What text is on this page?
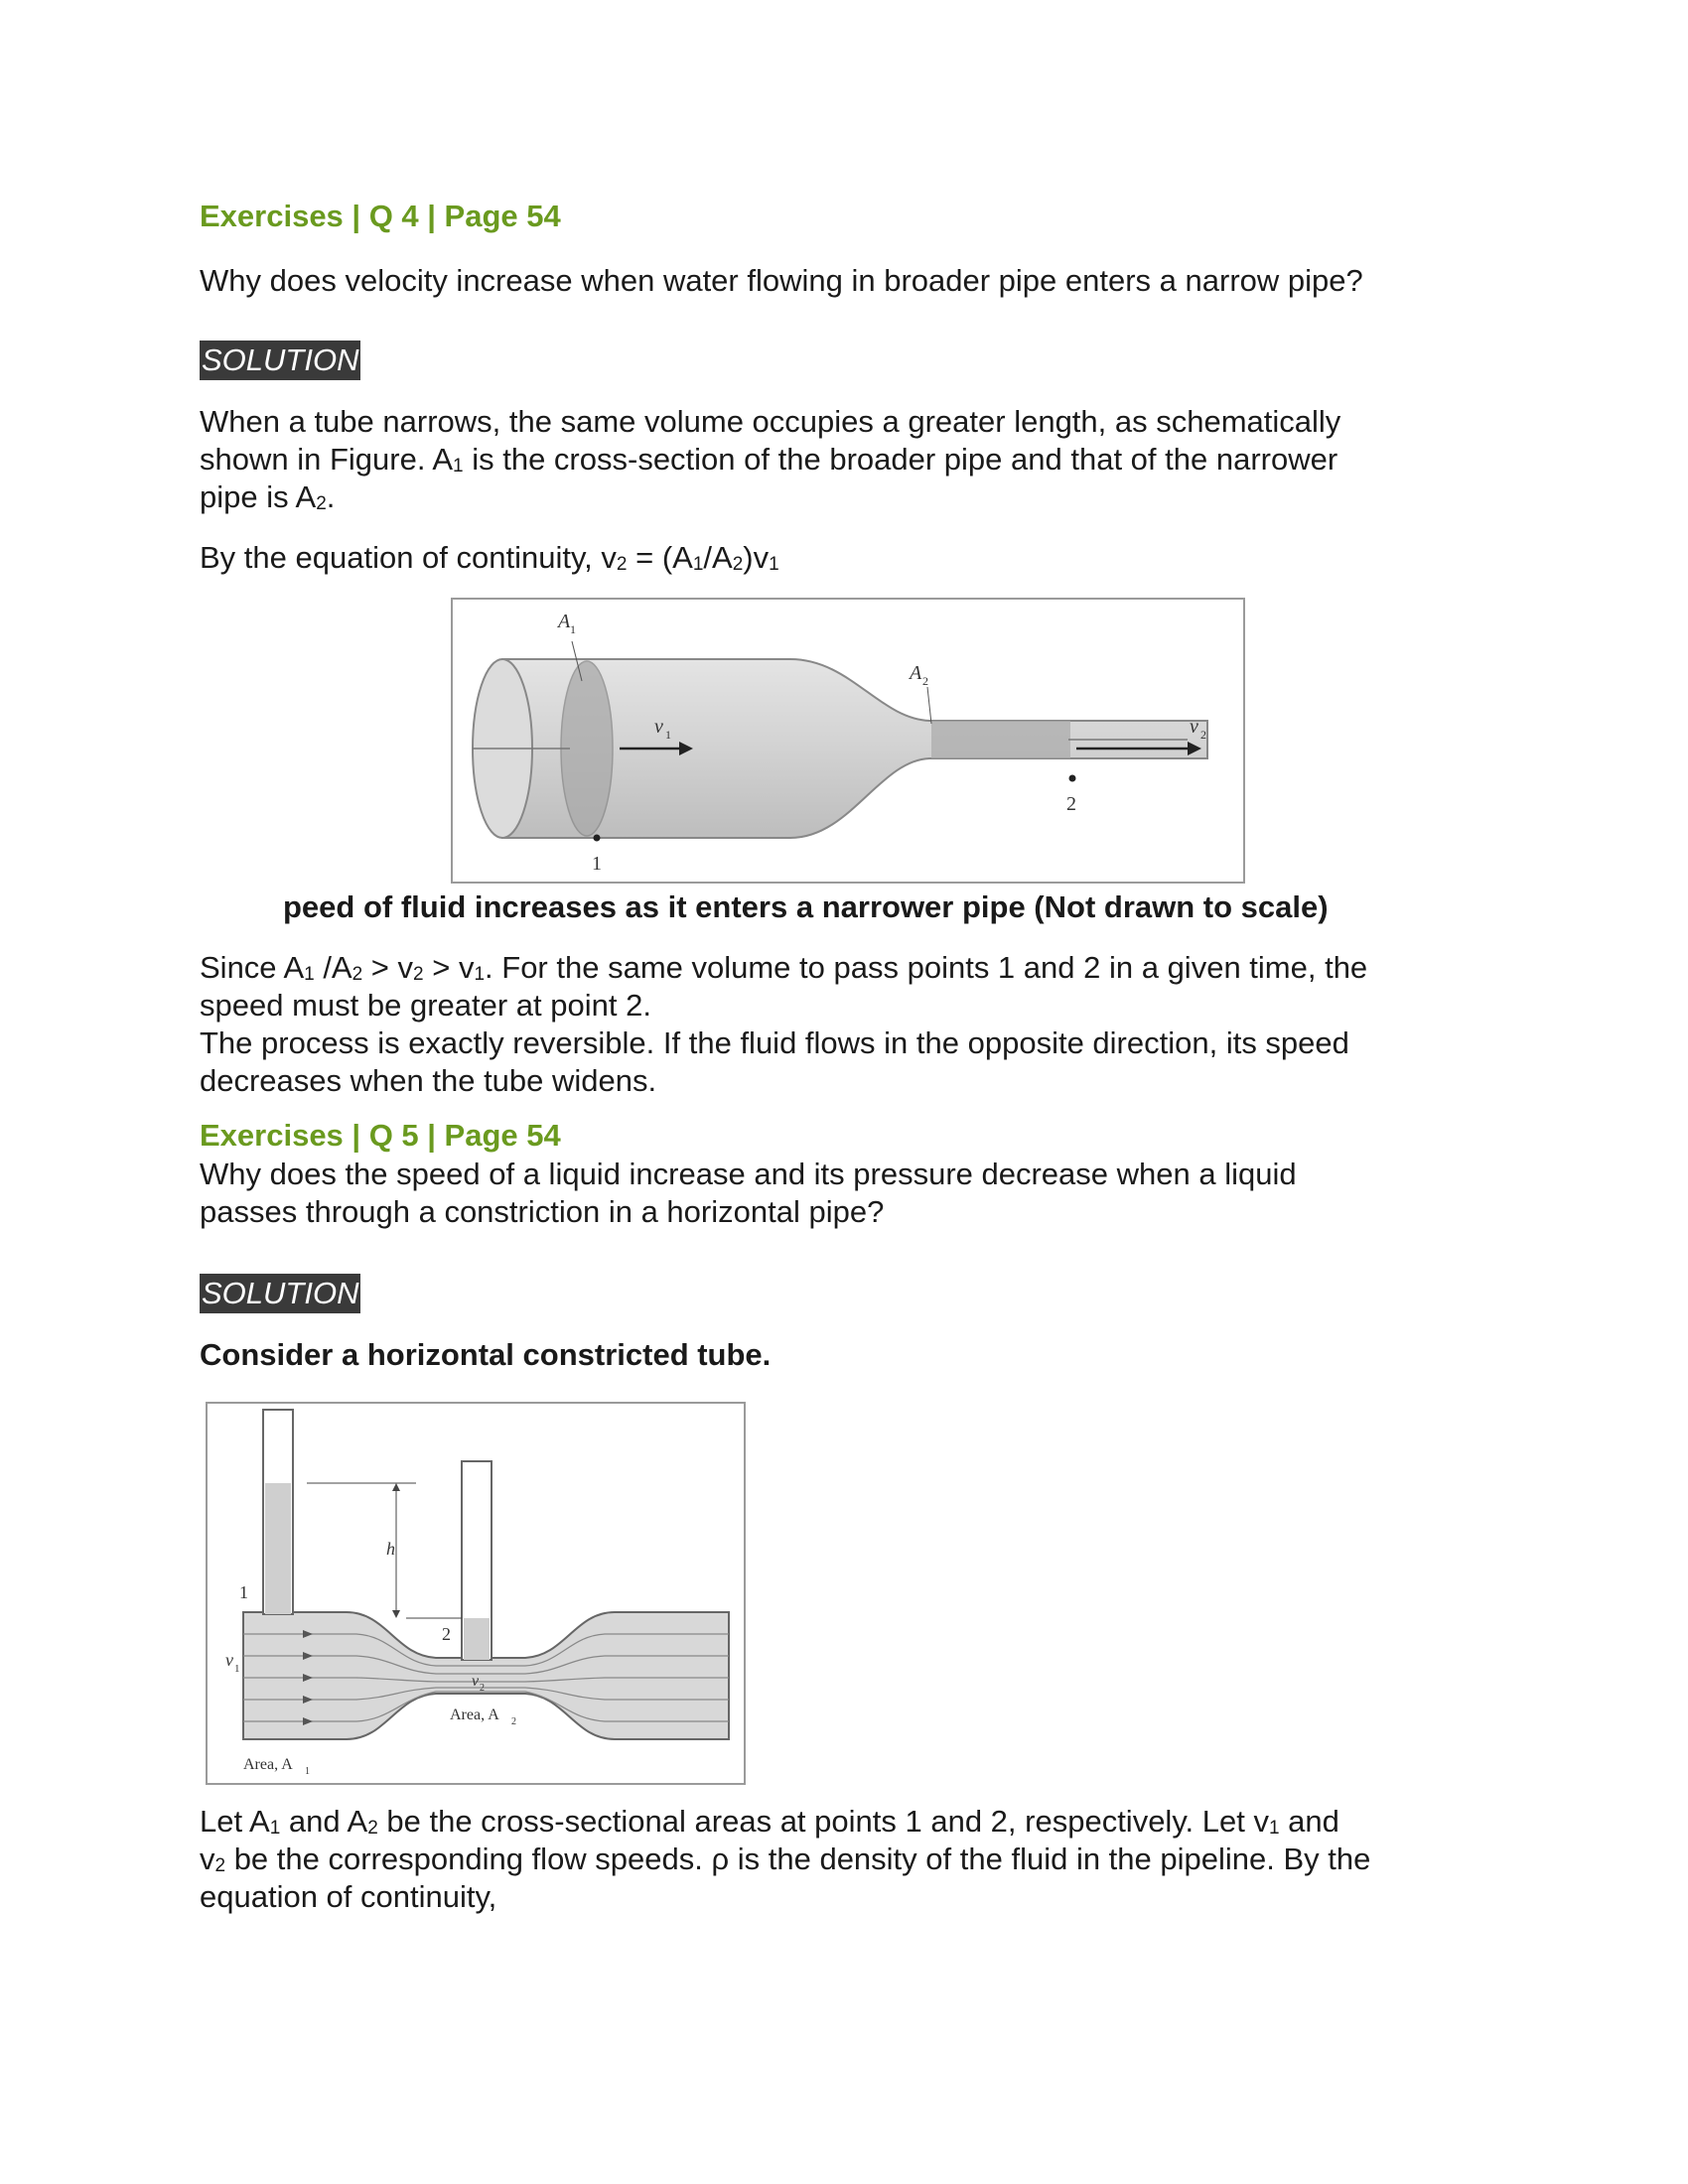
Exercises | Q 4 | Page 54
Why does velocity increase when water flowing in broader pipe enters a narrow pipe?
SOLUTION
When a tube narrows, the same volume occupies a greater length, as schematically
shown in Figure. $A_1$ is the cross-section of the broader pipe and that of the narrower
pipe is $A_2$.
By the equation of continuity, $v_2 = (A_1/A_2)v_1$
A 1
A 2
v 1	v 2
1
2
peed of fluid increases as it enters a narrower pipe (Not drawn to scale)
Since $A_1$ $/A_2 > v_2 > v_1$. For the same volume to pass points 1 and 2 in a given time, the
speed must be greater at point 2.
The process is exactly reversible. If the fluid flows in the opposite direction, its speed
decreases when the tube widens.
Exercises | Q 5 | Page 54
Why does the speed of a liquid increase and its pressure decrease when a liquid
passes through a constriction in a horizontal pipe?
SOLUTION
Consider a horizontal constricted tube.
h
1
2
v 1
v 2
Area, A 2
Area, A 1
Let $A_1$ and $A_2$ be the cross-sectional areas at points 1 and 2, respectively. Let $v_1$ and
$v_2$ be the corresponding flow speeds. ρ is the density of the fluid in the pipeline. By the
equation of continuity,
